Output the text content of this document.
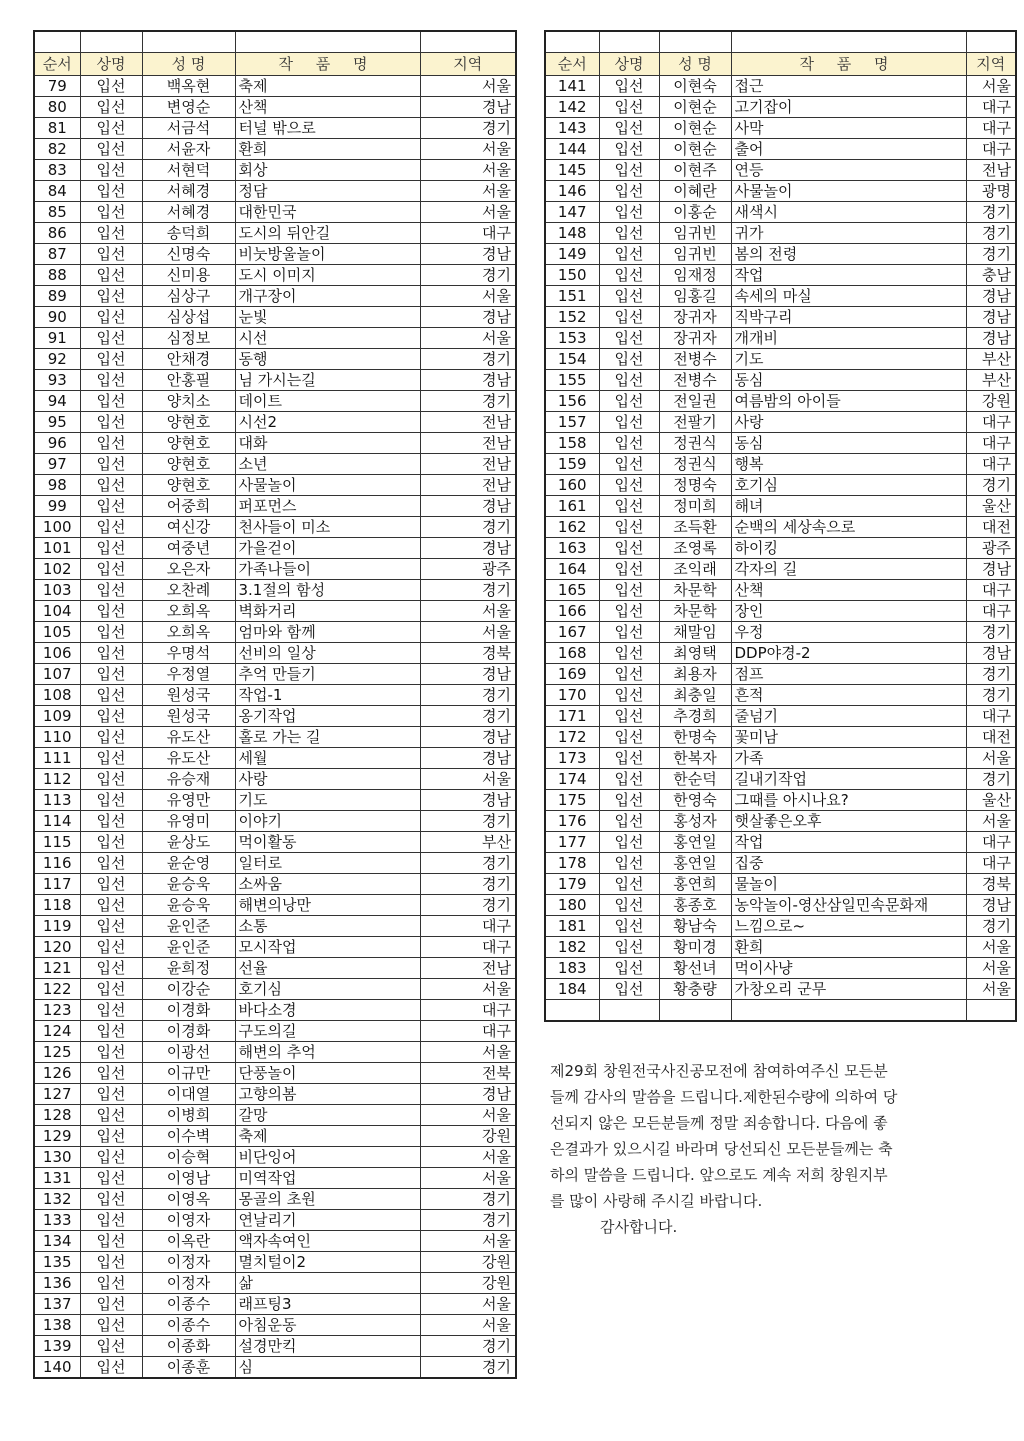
순서	상명	성 명	작 품 명	지역
79	입선	백옥현	축제	서울
80	입선	변영순	산책	경남
81	입선	서금석	터널 밖으로	경기
82	입선	서윤자	환희	서울
83	입선	서현덕	회상	서울
84	입선	서혜경	정담	서울
85	입선	서혜경	대한민국	서울
86	입선	송덕희	도시의 뒤안길	대구
87	입선	신명숙	비눗방울놀이	경남
88	입선	신미용	도시 이미지	경기
89	입선	심상구	개구장이	서울
90	입선	심상섭	눈빛	경남
91	입선	심정보	시선	서울
92	입선	안채경	동행	경기
93	입선	안홍필	님 가시는길	경남
94	입선	양치소	데이트	경기
95	입선	양현호	시선2	전남
96	입선	양현호	대화	전남
97	입선	양현호	소년	전남
98	입선	양현호	사물놀이	전남
99	입선	어중희	퍼포먼스	경남
100	입선	여신강	천사들이 미소	경기
101	입선	여중년	가을걷이	경남
102	입선	오은자	가족나들이	광주
103	입선	오찬례	3.1절의 함성	경기
104	입선	오희옥	벽화거리	서울
105	입선	오희옥	엄마와 함께	서울
106	입선	우명석	선비의 일상	경북
107	입선	우정열	추억 만들기	경남
108	입선	원성국	작업-1	경기
109	입선	원성국	옹기작업	경기
110	입선	유도산	홀로 가는 길	경남
111	입선	유도산	세월	경남
112	입선	유승재	사랑	서울
113	입선	유영만	기도	경남
114	입선	유영미	이야기	경기
115	입선	윤상도	먹이활동	부산
116	입선	윤순영	일터로	경기
117	입선	윤승욱	소싸움	경기
118	입선	윤승욱	해변의낭만	경기
119	입선	윤인준	소통	대구
120	입선	윤인준	모시작업	대구
121	입선	윤희정	선율	전남
122	입선	이강순	호기심	서울
123	입선	이경화	바다소경	대구
124	입선	이경화	구도의길	대구
125	입선	이광선	해변의 추억	서울
126	입선	이규만	단풍놀이	전북
127	입선	이대열	고향의봄	경남
128	입선	이병희	갈망	서울
129	입선	이수벽	축제	강원
130	입선	이승혁	비단잉어	서울
131	입선	이영남	미역작업	서울
132	입선	이영옥	몽골의 초원	경기
133	입선	이영자	연날리기	경기
134	입선	이옥란	액자속여인	서울
135	입선	이정자	멸치털이2	강원
136	입선	이정자	삶	강원
137	입선	이종수	래프팅3	서울
138	입선	이종수	아침운동	서울
139	입선	이종화	설경만킥	경기
140	입선	이종훈	심	경기

순서	상명	성 명	작 품 명	지역
141	입선	이현숙	접근	서울
142	입선	이현순	고기잡이	대구
143	입선	이현순	사막	대구
144	입선	이현순	출어	대구
145	입선	이현주	연등	전남
146	입선	이혜란	사물놀이	광명
147	입선	이홍순	새색시	경기
148	입선	임귀빈	귀가	경기
149	입선	임귀빈	봄의 전령	경기
150	입선	임재정	작업	충남
151	입선	임홍길	속세의 마실	경남
152	입선	장귀자	직박구리	경남
153	입선	장귀자	개개비	경남
154	입선	전병수	기도	부산
155	입선	전병수	동심	부산
156	입선	전일권	여름밤의 아이들	강원
157	입선	전팔기	사랑	대구
158	입선	정권식	동심	대구
159	입선	정권식	행복	대구
160	입선	정명숙	호기심	경기
161	입선	정미희	해녀	울산
162	입선	조득환	순백의 세상속으로	대전
163	입선	조영록	하이킹	광주
164	입선	조익래	각자의 길	경남
165	입선	차문학	산책	대구
166	입선	차문학	장인	대구
167	입선	채말임	우정	경기
168	입선	최영택	DDP야경-2	경남
169	입선	최용자	점프	경기
170	입선	최충일	흔적	경기
171	입선	추경희	줄넘기	대구
172	입선	한명숙	꽃미남	대전
173	입선	한복자	가족	서울
174	입선	한순덕	길내기작업	경기
175	입선	한영숙	그때를 아시나요?	울산
176	입선	홍성자	햇살좋은오후	서울
177	입선	홍연일	작업	대구
178	입선	홍연일	집중	대구
179	입선	홍연희	물놀이	경북
180	입선	홍종호	농악놀이-영산삼일민속문화재	경남
181	입선	황남숙	느낌으로~	경기
182	입선	황미경	환희	서울
183	입선	황선녀	먹이사냥	서울
184	입선	황충량	가창오리 군무	서울

제29회 창원전국사진공모전에 참여하여주신 모든분

들께 감사의 말씀을 드립니다.제한된수량에 의하여 당

선되지 않은 모든분들께 정말 죄송합니다. 다음에 좋

은결과가 있으시길 바라며 당선되신 모든분들께는 축

하의 말씀을 드립니다. 앞으로도 계속 저희 창원지부

를 많이 사랑해 주시길 바랍니다.

감사합니다.
